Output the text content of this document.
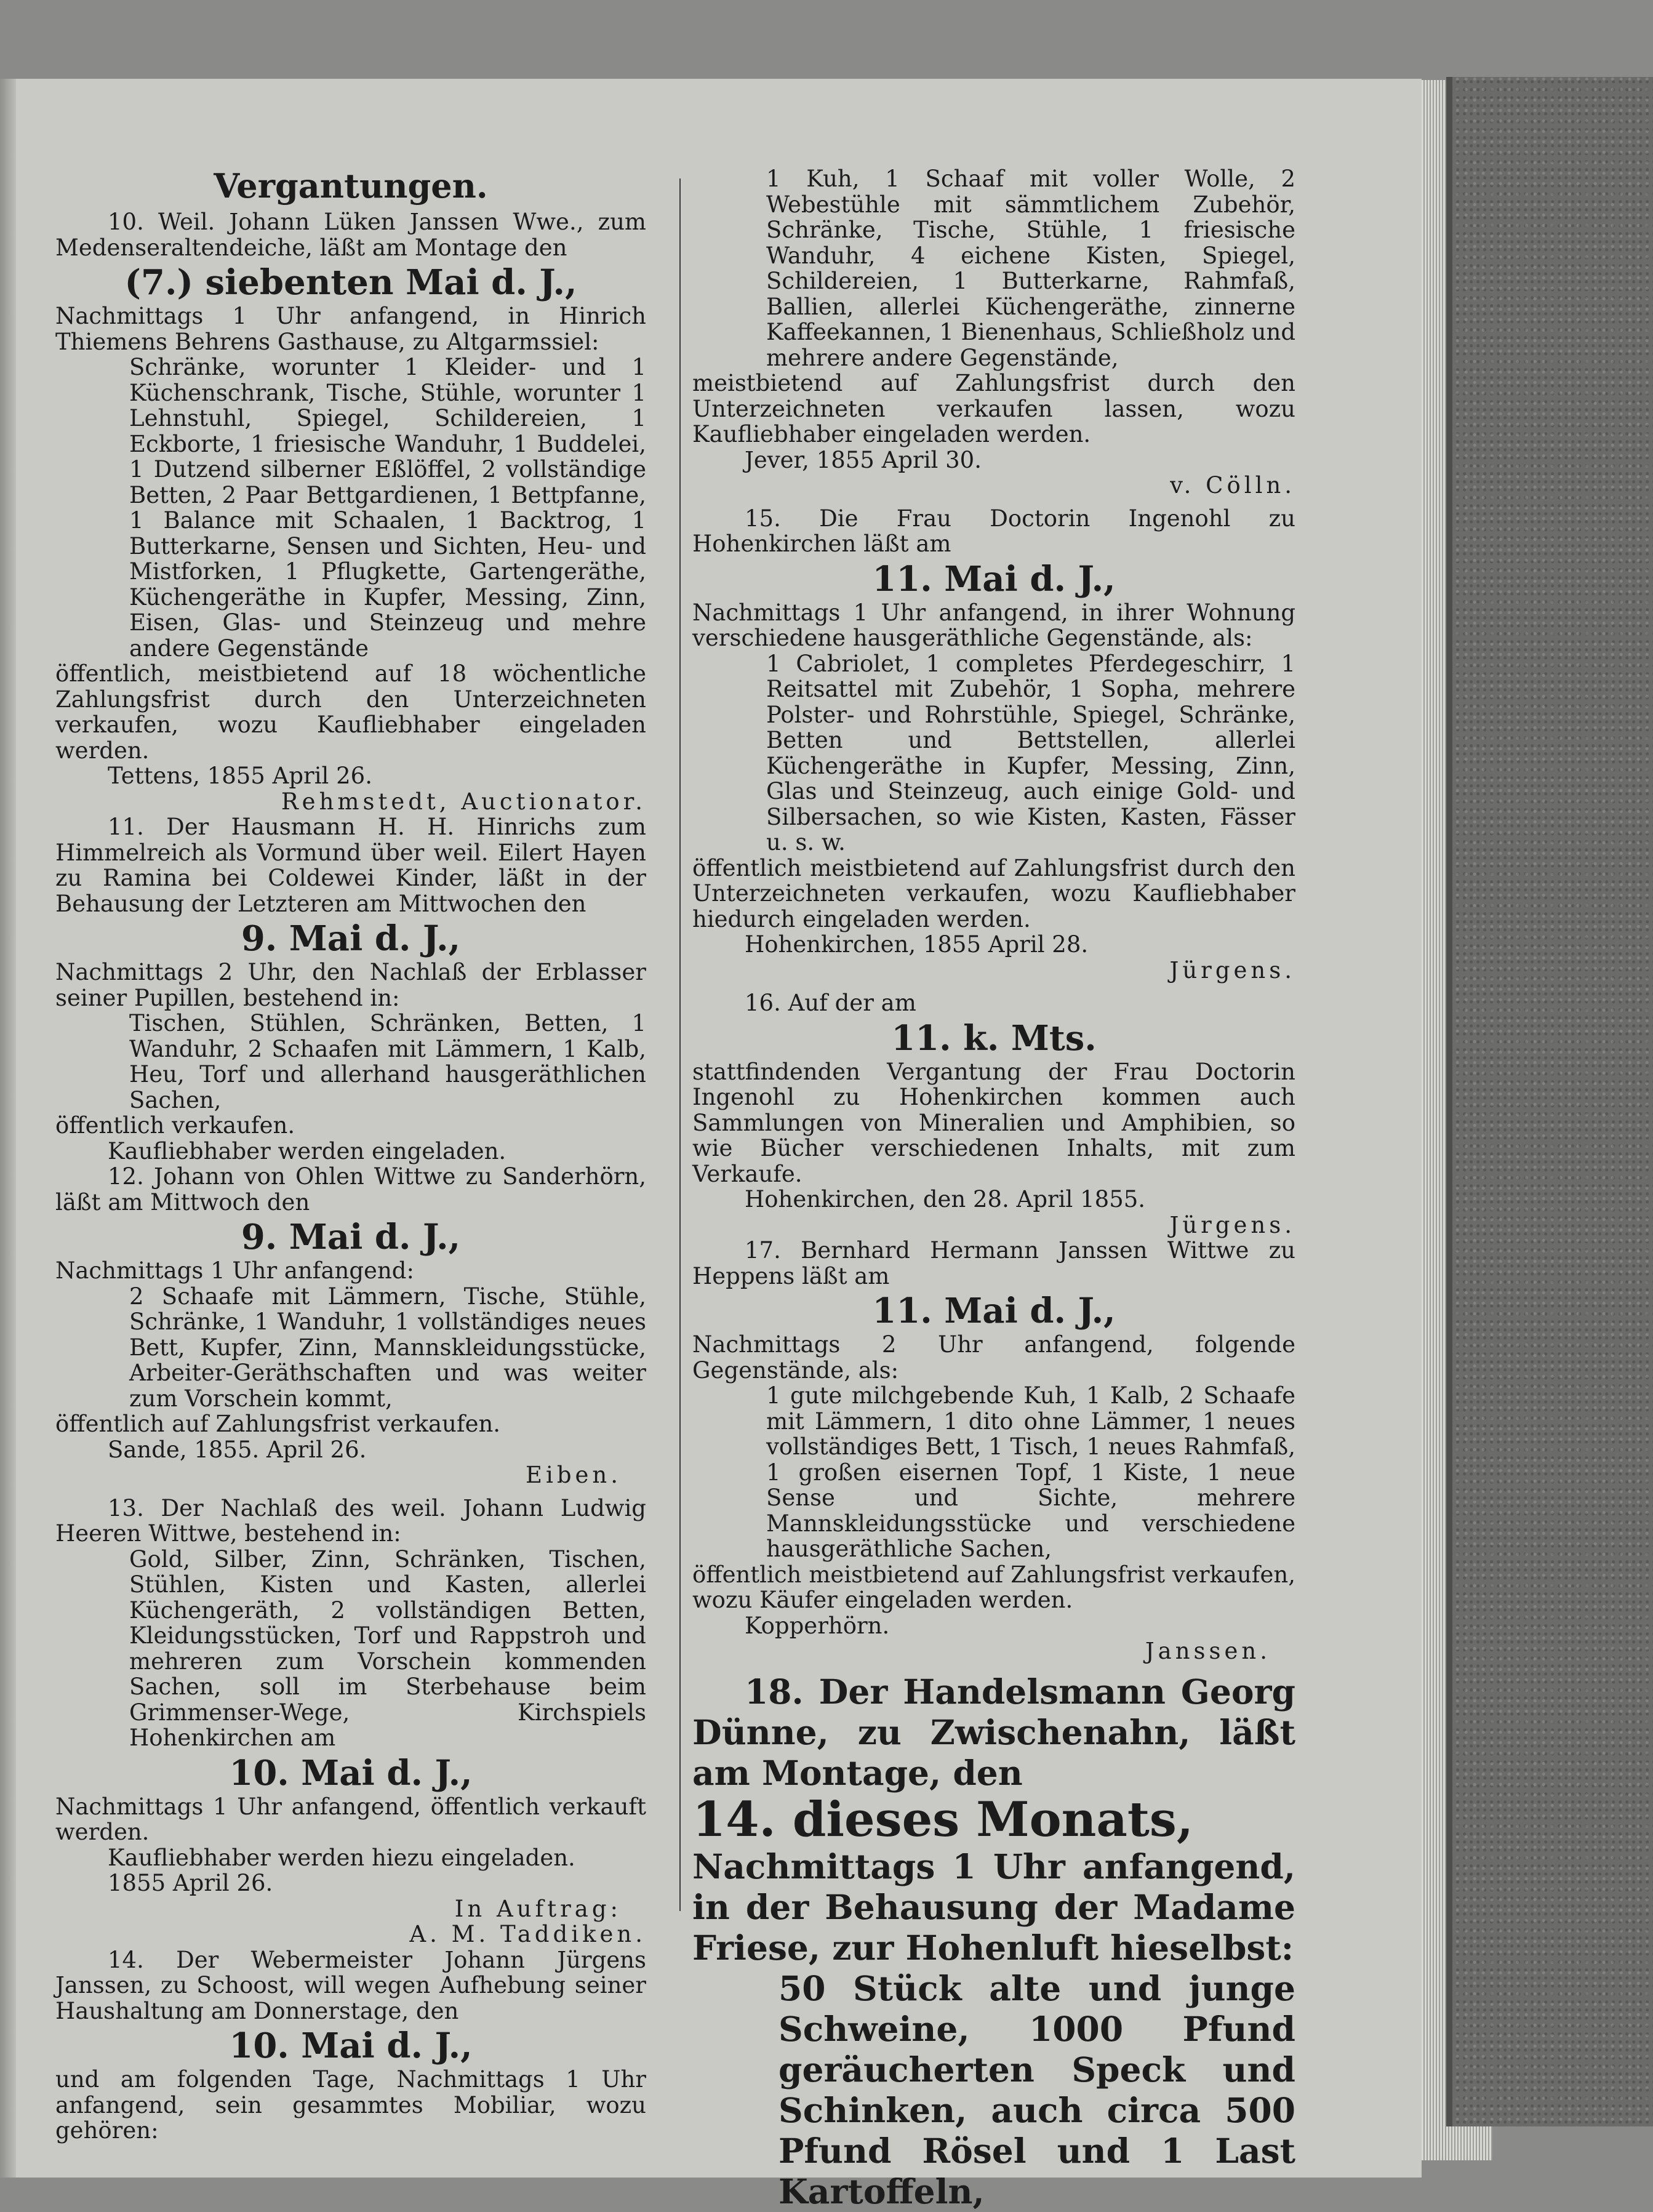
Vergantungen.

10. Weil. Johann Lüken Janssen Wwe., zum Medenseraltendeiche, läßt am Montage den

(7.) siebenten Mai d. J.,

Nachmittags 1 Uhr anfangend, in Hinrich Thiemens Behrens Gasthause, zu Altgarmssiel:

Schränke, worunter 1 Kleider- und 1 Küchenschrank, Tische, Stühle, worunter 1 Lehnstuhl, Spiegel, Schildereien, 1 Eckborte, 1 friesische Wanduhr, 1 Buddelei, 1 Dutzend silberner Eßlöffel, 2 vollständige Betten, 2 Paar Bettgardienen, 1 Bettpfanne, 1 Balance mit Schaalen, 1 Backtrog, 1 Butterkarne, Sensen und Sichten, Heu- und Mistforken, 1 Pflugkette, Gartengeräthe, Küchengeräthe in Kupfer, Messing, Zinn, Eisen, Glas- und Steinzeug und mehre andere Gegenstände

öffentlich, meistbietend auf 18 wöchentliche Zahlungsfrist durch den Unterzeichneten verkaufen, wozu Kaufliebhaber eingeladen werden.

Tettens, 1855 April 26.

Rehmstedt, Auctionator.

11. Der Hausmann H. H. Hinrichs zum Himmelreich als Vormund über weil. Eilert Hayen zu Ramina bei Coldewei Kinder, läßt in der Behausung der Letzteren am Mittwochen den

9. Mai d. J.,

Nachmittags 2 Uhr, den Nachlaß der Erblasser seiner Pupillen, bestehend in:

Tischen, Stühlen, Schränken, Betten, 1 Wanduhr, 2 Schaafen mit Lämmern, 1 Kalb, Heu, Torf und allerhand hausgeräthlichen Sachen,

öffentlich verkaufen.

Kaufliebhaber werden eingeladen.

12. Johann von Ohlen Wittwe zu Sanderhörn, läßt am Mittwoch den

9. Mai d. J.,

Nachmittags 1 Uhr anfangend:

2 Schaafe mit Lämmern, Tische, Stühle, Schränke, 1 Wanduhr, 1 vollständiges neues Bett, Kupfer, Zinn, Mannskleidungsstücke, Arbeiter-Geräthschaften und was weiter zum Vorschein kommt,

öffentlich auf Zahlungsfrist verkaufen.

Sande, 1855. April 26.

Eiben.

13. Der Nachlaß des weil. Johann Ludwig Heeren Wittwe, bestehend in:

Gold, Silber, Zinn, Schränken, Tischen, Stühlen, Kisten und Kasten, allerlei Küchengeräth, 2 vollständigen Betten, Kleidungsstücken, Torf und Rappstroh und mehreren zum Vorschein kommenden Sachen, soll im Sterbehause beim Grimmenser-Wege, Kirchspiels Hohenkirchen am

10. Mai d. J.,

Nachmittags 1 Uhr anfangend, öffentlich verkauft werden.

Kaufliebhaber werden hiezu eingeladen.

1855 April 26.

In Auftrag:

A. M. Taddiken.

14. Der Webermeister Johann Jürgens Janssen, zu Schoost, will wegen Aufhebung seiner Haushaltung am Donnerstage, den

10. Mai d. J.,

und am folgenden Tage, Nachmittags 1 Uhr anfangend, sein gesammtes Mobiliar, wozu gehören:

1 Kuh, 1 Schaaf mit voller Wolle, 2 Webestühle mit sämmtlichem Zubehör, Schränke, Tische, Stühle, 1 friesische Wanduhr, 4 eichene Kisten, Spiegel, Schildereien, 1 Butterkarne, Rahmfaß, Ballien, allerlei Küchengeräthe, zinnerne Kaffeekannen, 1 Bienenhaus, Schließholz und mehrere andere Gegenstände,

meistbietend auf Zahlungsfrist durch den Unterzeichneten verkaufen lassen, wozu Kaufliebhaber eingeladen werden.

Jever, 1855 April 30.

v. Cölln.

15. Die Frau Doctorin Ingenohl zu Hohenkirchen läßt am

11. Mai d. J.,

Nachmittags 1 Uhr anfangend, in ihrer Wohnung verschiedene hausgeräthliche Gegenstände, als:

1 Cabriolet, 1 completes Pferdegeschirr, 1 Reitsattel mit Zubehör, 1 Sopha, mehrere Polster- und Rohrstühle, Spiegel, Schränke, Betten und Bettstellen, allerlei Küchengeräthe in Kupfer, Messing, Zinn, Glas und Steinzeug, auch einige Gold- und Silbersachen, so wie Kisten, Kasten, Fässer u. s. w.

öffentlich meistbietend auf Zahlungsfrist durch den Unterzeichneten verkaufen, wozu Kaufliebhaber hiedurch eingeladen werden.

Hohenkirchen, 1855 April 28.

Jürgens.

16. Auf der am

11. k. Mts.

stattfindenden Vergantung der Frau Doctorin Ingenohl zu Hohenkirchen kommen auch Sammlungen von Mineralien und Amphibien, so wie Bücher verschiedenen Inhalts, mit zum Verkaufe.

Hohenkirchen, den 28. April 1855.

Jürgens.

17. Bernhard Hermann Janssen Wittwe zu Heppens läßt am

11. Mai d. J.,

Nachmittags 2 Uhr anfangend, folgende Gegenstände, als:

1 gute milchgebende Kuh, 1 Kalb, 2 Schaafe mit Lämmern, 1 dito ohne Lämmer, 1 neues vollständiges Bett, 1 Tisch, 1 neues Rahmfaß, 1 großen eisernen Topf, 1 Kiste, 1 neue Sense und Sichte, mehrere Mannskleidungsstücke und verschiedene hausgeräthliche Sachen,

öffentlich meistbietend auf Zahlungsfrist verkaufen, wozu Käufer eingeladen werden.

Kopperhörn.

Janssen.

18. Der Handelsmann Georg Dünne, zu Zwischenahn, läßt am Montage, den

14. dieses Monats,

Nachmittags 1 Uhr anfangend, in der Behausung der Madame Friese, zur Hohenluft hieselbst:

50 Stück alte und junge Schweine, 1000 Pfund geräucherten Speck und Schinken, auch circa 500 Pfund Rösel und 1 Last Kartoffeln,
